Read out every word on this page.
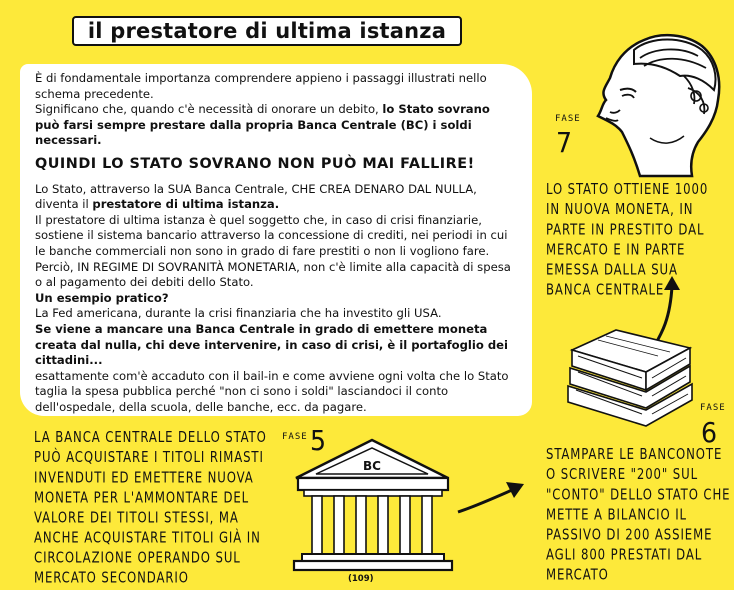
il prestatore di ultima istanza

È di fondamentale importanza comprendere appieno i passaggi illustrati nello schema precedente.

Significano che, quando c'è necessità di onorare un debito, lo Stato sovrano può farsi sempre prestare dalla propria Banca Centrale (BC) i soldi necessari.

QUINDI LO STATO SOVRANO NON PUÒ MAI FALLIRE!

Lo Stato, attraverso la SUA Banca Centrale, CHE CREA DENARO DAL NULLA, diventa il prestatore di ultima istanza.

Il prestatore di ultima istanza è quel soggetto che, in caso di crisi finanziarie, sostiene il sistema bancario attraverso la concessione di crediti, nei periodi in cui le banche commerciali non sono in grado di fare prestiti o non li vogliono fare.

Perciò, IN REGIME DI SOVRANITÀ MONETARIA, non c'è limite alla capacità di spesa o al pagamento dei debiti dello Stato.

Un esempio pratico?

La Fed americana, durante la crisi finanziaria che ha investito gli USA.

Se viene a mancare una Banca Centrale in grado di emettere moneta creata dal nulla, chi deve intervenire, in caso di crisi, è il portafoglio dei cittadini...

esattamente com'è accaduto con il bail-in e come avviene ogni volta che lo Stato taglia la spesa pubblica perché "non ci sono i soldi" lasciandoci il conto dell'ospedale, della scuola, delle banche, ecc. da pagare.

FASE
7
LO STATO OTTIENE 1000 IN NUOVA MONETA, IN PARTE IN PRESTITO DAL MERCATO E IN PARTE EMESSA DALLA SUA BANCA CENTRALE
FASE
6
STAMPARE LE BANCONOTE O SCRIVERE "200" SUL "CONTO" DELLO STATO CHE METTE A BILANCIO IL PASSIVO DI 200 ASSIEME AGLI 800 PRESTATI DAL MERCATO
BC
FASE 5
LA BANCA CENTRALE DELLO STATO PUÒ ACQUISTARE I TITOLI RIMASTI INVENDUTI ED EMETTERE NUOVA MONETA PER L'AMMONTARE DEL VALORE DEI TITOLI STESSI, MA ANCHE ACQUISTARE TITOLI GIÀ IN CIRCOLAZIONE OPERANDO SUL MERCATO SECONDARIO	(109)
